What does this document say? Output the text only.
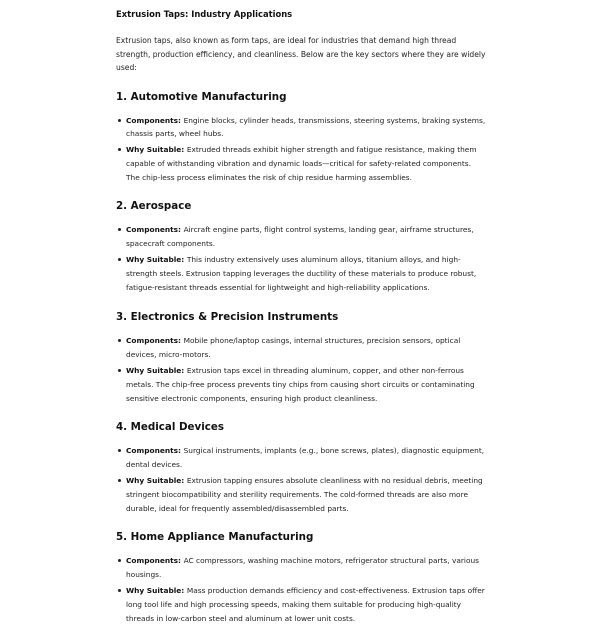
Extrusion Taps: Industry Applications

Extrusion taps, also known as form taps, are ideal for industries that demand high thread strength, production efficiency, and cleanliness. Below are the key sectors where they are widely used:

1. Automotive Manufacturing
Components: Engine blocks, cylinder heads, transmissions, steering systems, braking systems, chassis parts, wheel hubs.
Why Suitable: Extruded threads exhibit higher strength and fatigue resistance, making them capable of withstanding vibration and dynamic loads—critical for safety-related components. The chip-less process eliminates the risk of chip residue harming assemblies.
2. Aerospace
Components: Aircraft engine parts, flight control systems, landing gear, airframe structures, spacecraft components.
Why Suitable: This industry extensively uses aluminum alloys, titanium alloys, and high-strength steels. Extrusion tapping leverages the ductility of these materials to produce robust, fatigue-resistant threads essential for lightweight and high-reliability applications.
3. Electronics & Precision Instruments
Components: Mobile phone/laptop casings, internal structures, precision sensors, optical devices, micro-motors.
Why Suitable: Extrusion taps excel in threading aluminum, copper, and other non-ferrous metals. The chip-free process prevents tiny chips from causing short circuits or contaminating sensitive electronic components, ensuring high product cleanliness.
4. Medical Devices
Components: Surgical instruments, implants (e.g., bone screws, plates), diagnostic equipment, dental devices.
Why Suitable: Extrusion tapping ensures absolute cleanliness with no residual debris, meeting stringent biocompatibility and sterility requirements. The cold-formed threads are also more durable, ideal for frequently assembled/disassembled parts.
5. Home Appliance Manufacturing
Components: AC compressors, washing machine motors, refrigerator structural parts, various housings.
Why Suitable: Mass production demands efficiency and cost-effectiveness. Extrusion taps offer long tool life and high processing speeds, making them suitable for producing high-quality threads in low-carbon steel and aluminum at lower unit costs.
